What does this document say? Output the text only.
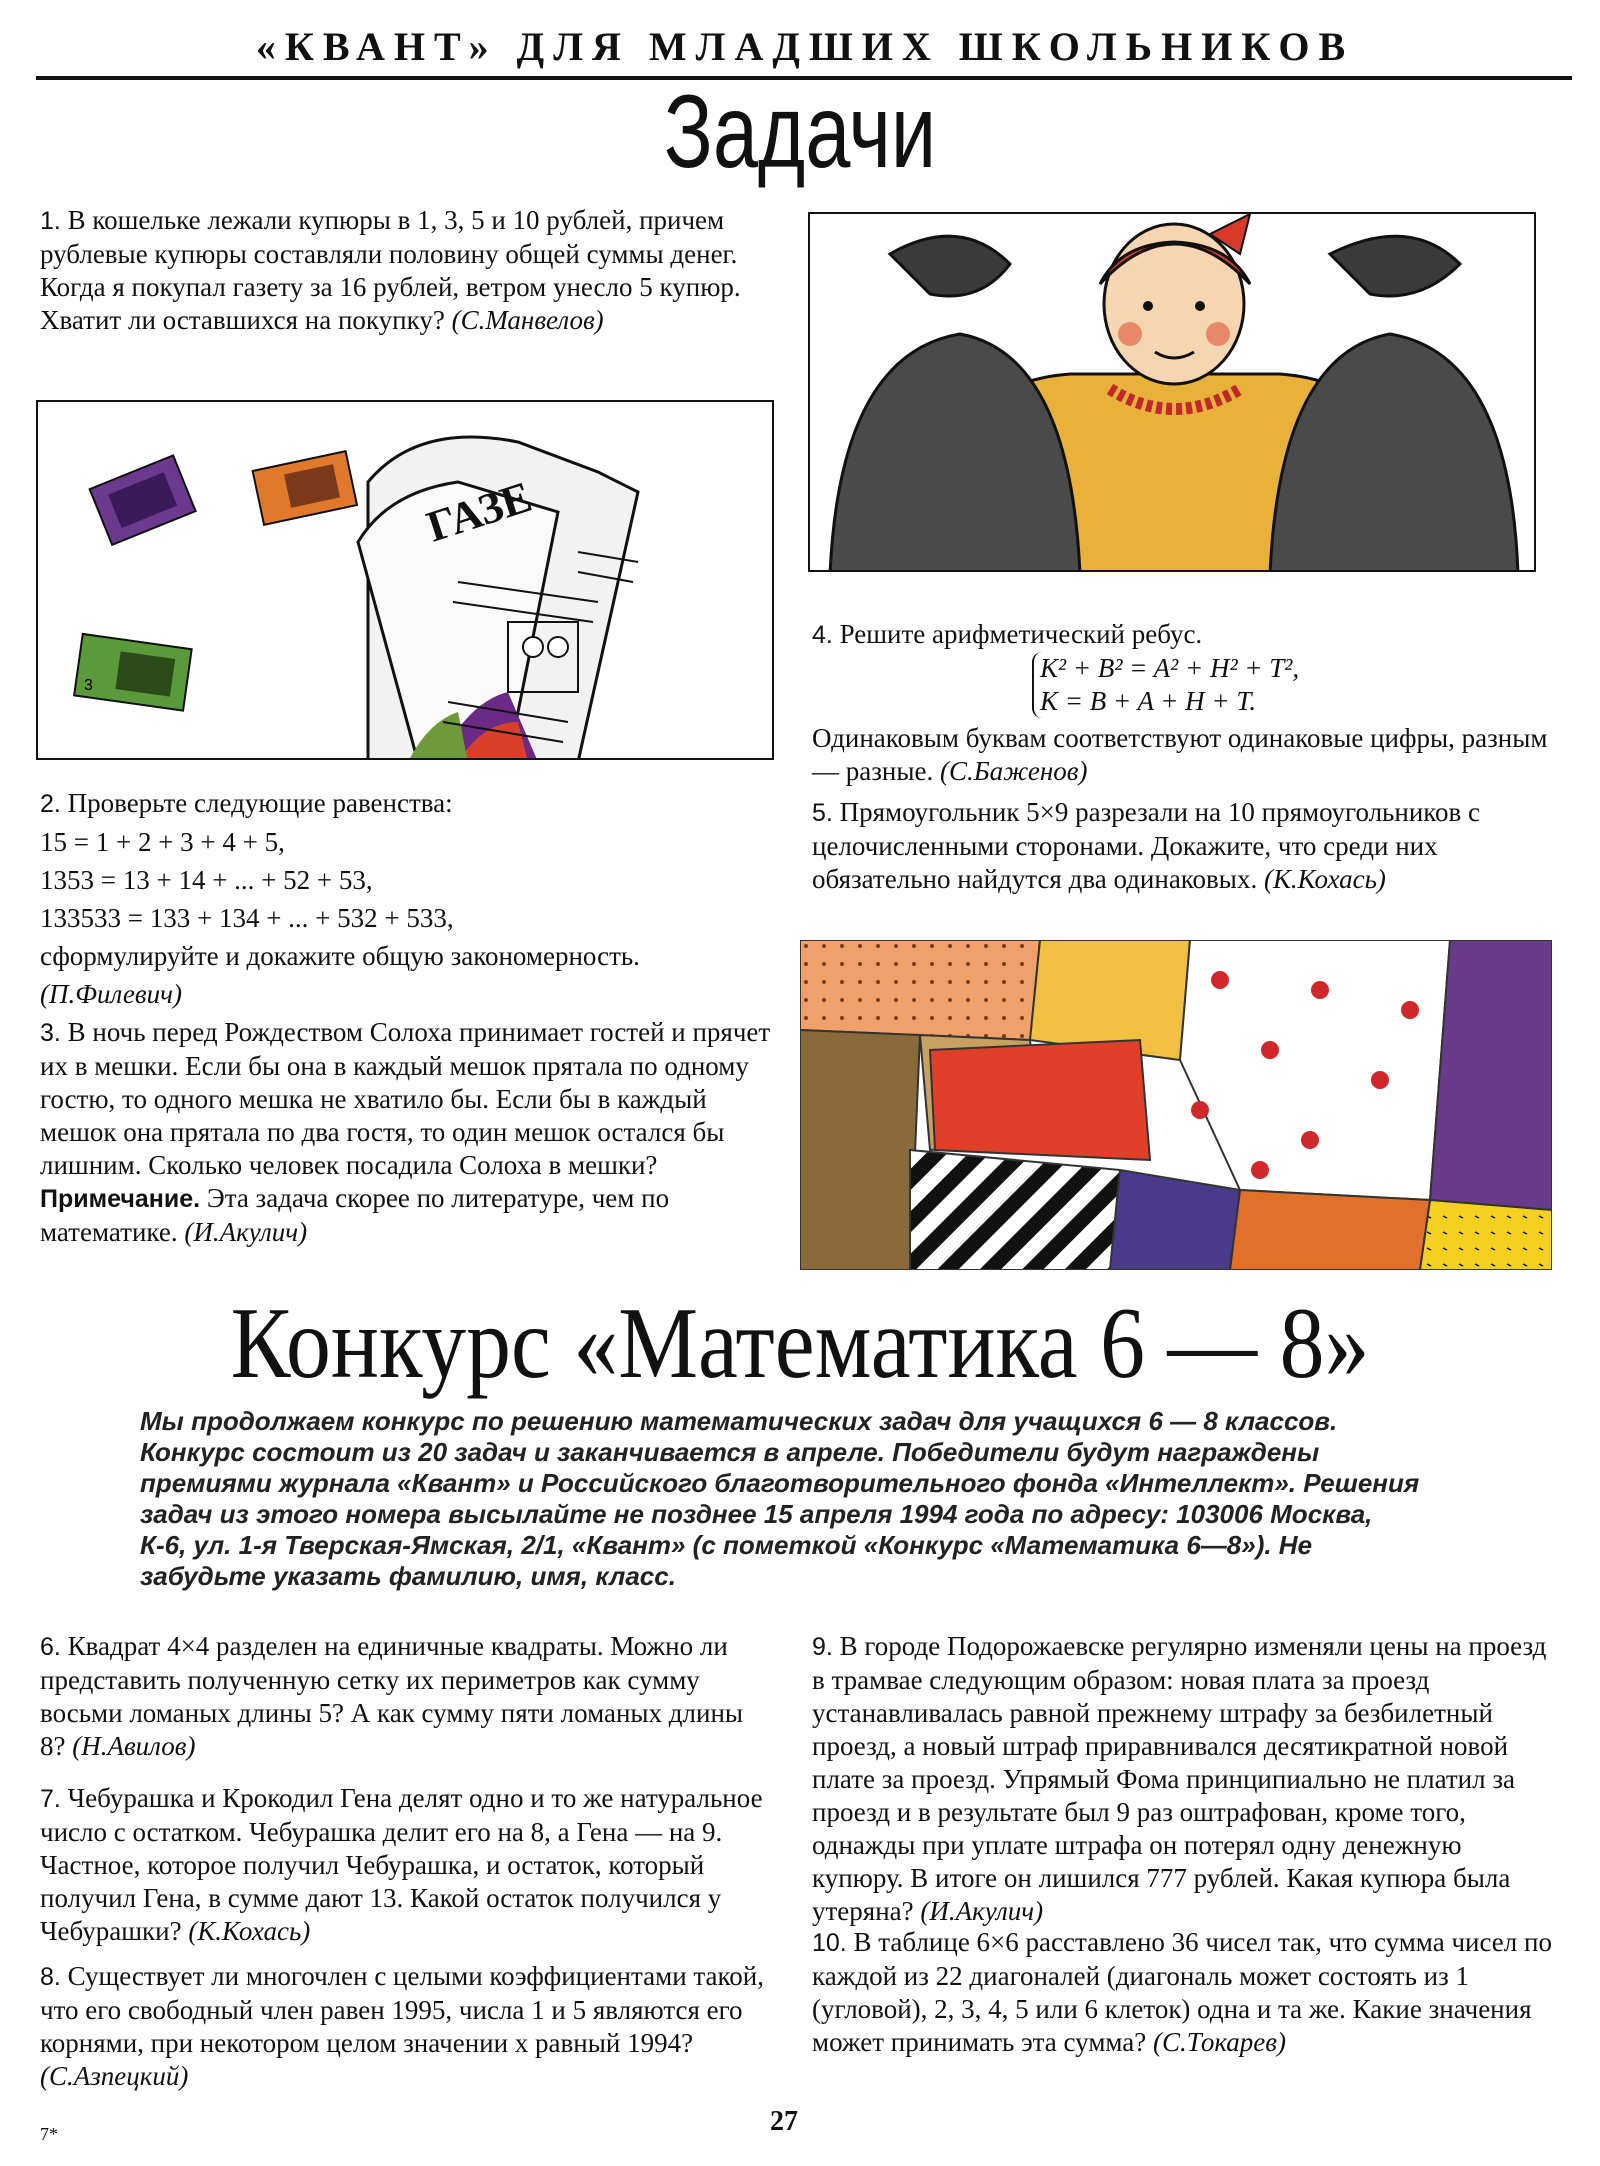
«КВАНТ» ДЛЯ МЛАДШИХ ШКОЛЬНИКОВ
Задачи
1. В кошельке лежали купюры в 1, 3, 5 и 10 рублей, причем рублевые купюры составляли половину общей суммы денег. Когда я покупал газету за 16 рублей, ветром унесло 5 купюр. Хватит ли оставшихся на покупку? (С.Манвелов)
ГАЗЕ
3
4. Решите арифметический ребус.
K² + B² = A² + H² + T²,
K = B + A + H + T.
Одинаковым буквам соответствуют одинаковые цифры, разным — разные. (С.Баженов)
2. Проверьте следующие равенства:
15 = 1 + 2 + 3 + 4 + 5,
1353 = 13 + 14 + ... + 52 + 53,
133533 = 133 + 134 + ... + 532 + 533,
сформулируйте и докажите общую закономерность.
(П.Филевич)
5. Прямоугольник 5×9 разрезали на 10 прямоугольников с целочисленными сторонами. Докажите, что среди них обязательно найдутся два одинаковых. (К.Кохась)
3. В ночь перед Рождеством Солоха принимает гостей и прячет их в мешки. Если бы она в каждый мешок прятала по одному гостю, то одного мешка не хватило бы. Если бы в каждый мешок она прятала по два гостя, то один мешок остался бы лишним. Сколько человек посадила Солоха в мешки?
Примечание. Эта задача скорее по литературе, чем по математике. (И.Акулич)
Конкурс «Математика 6 — 8»
Мы продолжаем конкурс по решению математических задач для учащихся 6 — 8 классов. Конкурс состоит из 20 задач и заканчивается в апреле. Победители будут награждены премиями журнала «Квант» и Российского благотворительного фонда «Интеллект». Решения задач из этого номера высылайте не позднее 15 апреля 1994 года по адресу: 103006 Москва, К-6, ул. 1-я Тверская-Ямская, 2/1, «Квант» (с пометкой «Конкурс «Математика 6—8»). Не забудьте указать фамилию, имя, класс.
6. Квадрат 4×4 разделен на единичные квадраты. Можно ли представить полученную сетку их периметров как сумму восьми ломаных длины 5? А как сумму пяти ломаных длины 8? (Н.Авилов)
7. Чебурашка и Крокодил Гена делят одно и то же натуральное число с остатком. Чебурашка делит его на 8, а Гена — на 9. Частное, которое получил Чебурашка, и остаток, который получил Гена, в сумме дают 13. Какой остаток получился у Чебурашки? (К.Кохась)
8. Существует ли многочлен с целыми коэффициентами такой, что его свободный член равен 1995, числа 1 и 5 являются его корнями, при некотором целом значении x равный 1994? (С.Азпецкий)
9. В городе Подорожаевске регулярно изменяли цены на проезд в трамвае следующим образом: новая плата за проезд устанавливалась равной прежнему штрафу за безбилетный проезд, а новый штраф приравнивался десятикратной новой плате за проезд. Упрямый Фома принципиально не платил за проезд и в результате был 9 раз оштрафован, кроме того, однажды при уплате штрафа он потерял одну денежную купюру. В итоге он лишился 777 рублей. Какая купюра была утеряна? (И.Акулич)
10. В таблице 6×6 расставлено 36 чисел так, что сумма чисел по каждой из 22 диагоналей (диагональ может состоять из 1 (угловой), 2, 3, 4, 5 или 6 клеток) одна и та же. Какие значения может принимать эта сумма? (С.Токарев)
27
7*
